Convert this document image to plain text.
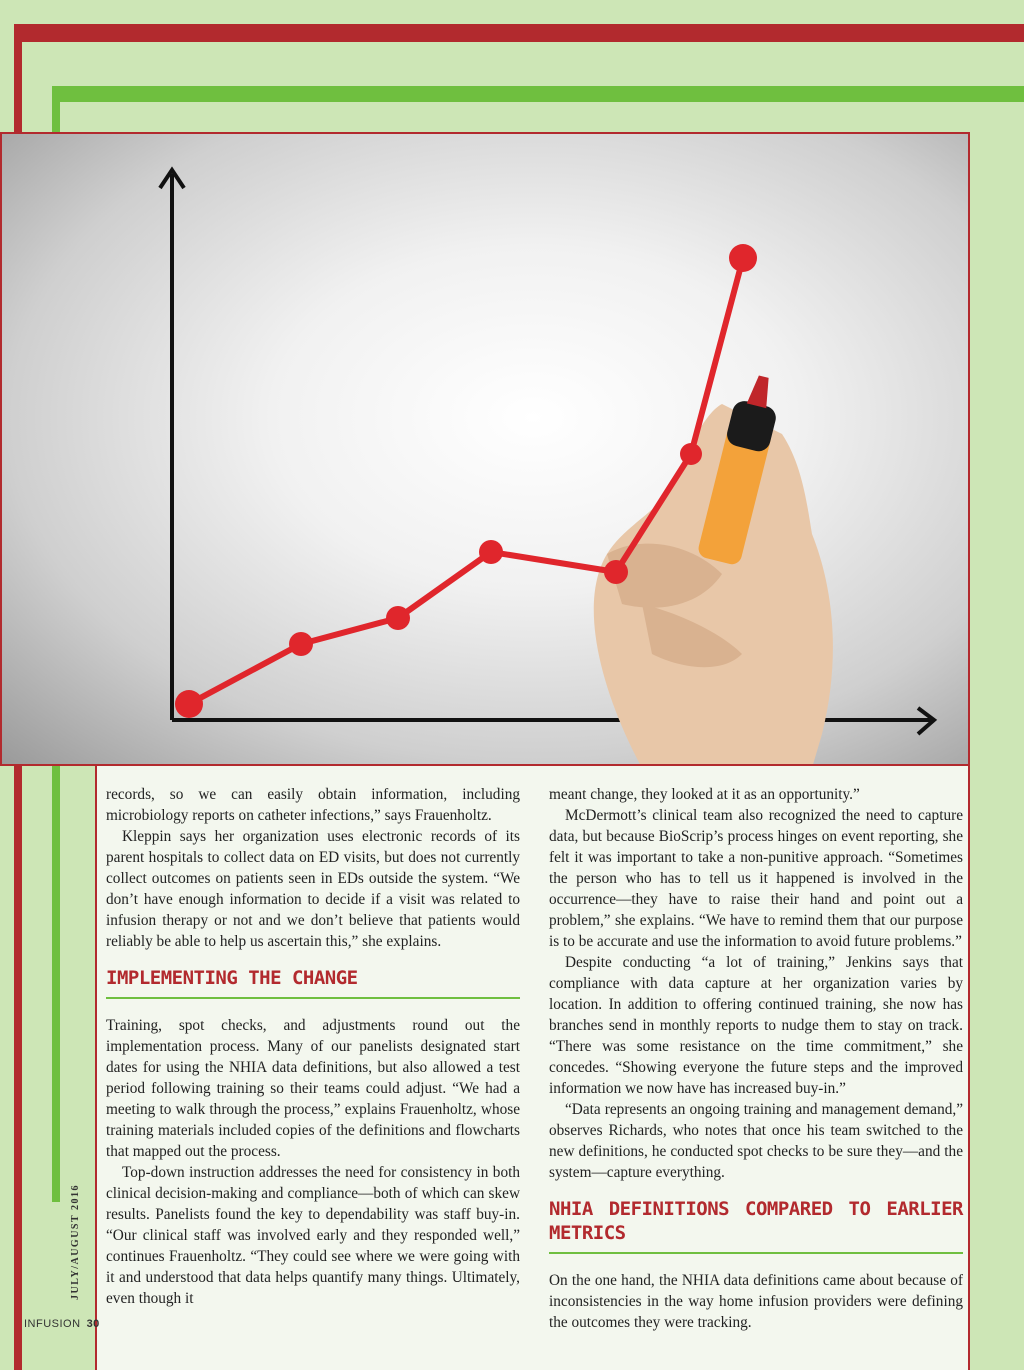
records, so we can easily obtain information, including microbiology reports on catheter infections,” says Frauenholtz.

Kleppin says her organization uses electronic records of its parent hospitals to collect data on ED visits, but does not currently collect outcomes on patients seen in EDs outside the system. “We don’t have enough information to decide if a visit was related to infusion therapy or not and we don’t believe that patients would reliably be able to help us ascertain this,” she explains.

IMPLEMENTING THE CHANGE

Training, spot checks, and adjustments round out the implementation process. Many of our panelists designated start dates for using the NHIA data definitions, but also allowed a test period following training so their teams could adjust. “We had a meeting to walk through the process,” explains Frauenholtz, whose training materials included copies of the definitions and flowcharts that mapped out the process.

Top-down instruction addresses the need for consistency in both clinical decision-making and compliance—both of which can skew results. Panelists found the key to dependability was staff buy-in. “Our clinical staff was involved early and they responded well,” continues Frauenholtz. “They could see where we were going with it and understood that data helps quantify many things. Ultimately, even though it

meant change, they looked at it as an opportunity.”

McDermott’s clinical team also recognized the need to capture data, but because BioScrip’s process hinges on event reporting, she felt it was important to take a non-punitive approach. “Sometimes the person who has to tell us it happened is involved in the occurrence—they have to raise their hand and point out a problem,” she explains. “We have to remind them that our purpose is to be accurate and use the information to avoid future problems.”

Despite conducting “a lot of training,” Jenkins says that compliance with data capture at her organization varies by location. In addition to offering continued training, she now has branches send in monthly reports to nudge them to stay on track. “There was some resistance on the time commitment,” she concedes. “Showing everyone the future steps and the improved information we now have has increased buy-in.”

“Data represents an ongoing training and management demand,” observes Richards, who notes that once his team switched to the new definitions, he conducted spot checks to be sure they—and the system—capture everything.

NHIA DEFINITIONS COMPARED TO EARLIER METRICS

On the one hand, the NHIA data definitions came about because of inconsistencies in the way home infusion providers were defining the outcomes they were tracking.

JULY/AUGUST 2016
INFUSION 30
